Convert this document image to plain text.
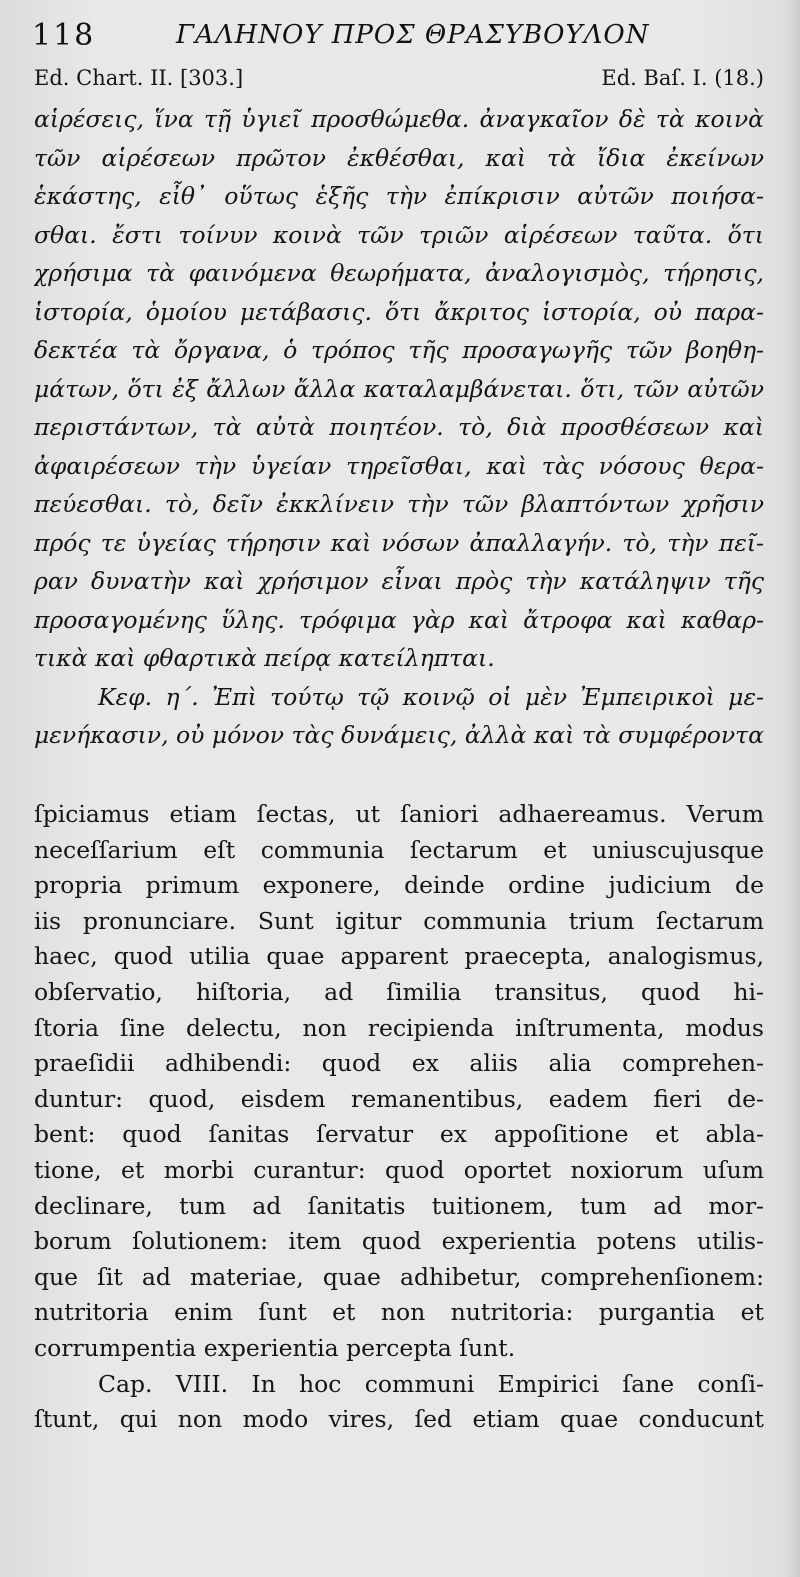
118	ΓΑΛΗΝΟΥ ΠΡΟΣ ΘΡΑΣΥΒΟΥΛΟΝ
Ed. Chart. II. [303.]	Ed. Baſ. I. (18.)
αἱρέσεις, ἵνα τῇ ὑγιεῖ προσθώμεθα. ἀναγκαῖον δὲ τὰ κοινὰ
τῶν αἱρέσεων πρῶτον ἐκθέσθαι, καὶ τὰ ἴδια ἐκείνων
ἑκάστης, εἶθ᾽ οὕτως ἑξῆς τὴν ἐπίκρισιν αὐτῶν ποιήσα-
σθαι. ἔστι τοίνυν κοινὰ τῶν τριῶν αἱρέσεων ταῦτα. ὅτι
χρήσιμα τὰ φαινόμενα θεωρήματα, ἀναλογισμὸς, τήρησις,
ἱστορία, ὁμοίου μετάβασις. ὅτι ἄκριτος ἱστορία, οὐ παρα-
δεκτέα τὰ ὄργανα, ὁ τρόπος τῆς προσαγωγῆς τῶν βοηθη-
μάτων, ὅτι ἐξ ἄλλων ἄλλα καταλαμβάνεται. ὅτι, τῶν αὐτῶν
περιστάντων, τὰ αὐτὰ ποιητέον. τὸ, διὰ προσθέσεων καὶ
ἀφαιρέσεων τὴν ὑγείαν τηρεῖσθαι, καὶ τὰς νόσους θερα-
πεύεσθαι. τὸ, δεῖν ἐκκλίνειν τὴν τῶν βλαπτόντων χρῆσιν
πρός τε ὑγείας τήρησιν καὶ νόσων ἀπαλλαγήν. τὸ, τὴν πεῖ-
ραν δυνατὴν καὶ χρήσιμον εἶναι πρὸς τὴν κατάληψιν τῆς
προσαγομένης ὕλης. τρόφιμα γὰρ καὶ ἄτροφα καὶ καθαρ-
τικὰ καὶ φθαρτικὰ πείρᾳ κατείληπται.
Κεφ. η΄. Ἐπὶ τούτῳ τῷ κοινῷ οἱ μὲν Ἐμπειρικοὶ με-
μενήκασιν, οὐ μόνον τὰς δυνάμεις, ἀλλὰ καὶ τὰ συμφέροντα
ſpiciamus etiam ſectas, ut ſaniori adhaereamus. Verum
neceſſarium eſt communia ſectarum et uniuscujusque
propria primum exponere, deinde ordine judicium de
iis pronunciare. Sunt igitur communia trium ſectarum
haec, quod utilia quae apparent praecepta, analogismus,
obſervatio, hiſtoria, ad ſimilia transitus, quod hi-
ſtoria ſine delectu, non recipienda inſtrumenta, modus
praeſidii adhibendi: quod ex aliis alia comprehen-
duntur: quod, eisdem remanentibus, eadem fieri de-
bent: quod ſanitas ſervatur ex appoſitione et abla-
tione, et morbi curantur: quod oportet noxiorum uſum
declinare, tum ad ſanitatis tuitionem, tum ad mor-
borum ſolutionem: item quod experientia potens utilis-
que ſit ad materiae, quae adhibetur, comprehenſionem:
nutritoria enim ſunt et non nutritoria: purgantia et
corrumpentia experientia percepta ſunt.
Cap. VIII. In hoc communi Empirici ſane conſi-
ſtunt, qui non modo vires, ſed etiam quae conducunt
